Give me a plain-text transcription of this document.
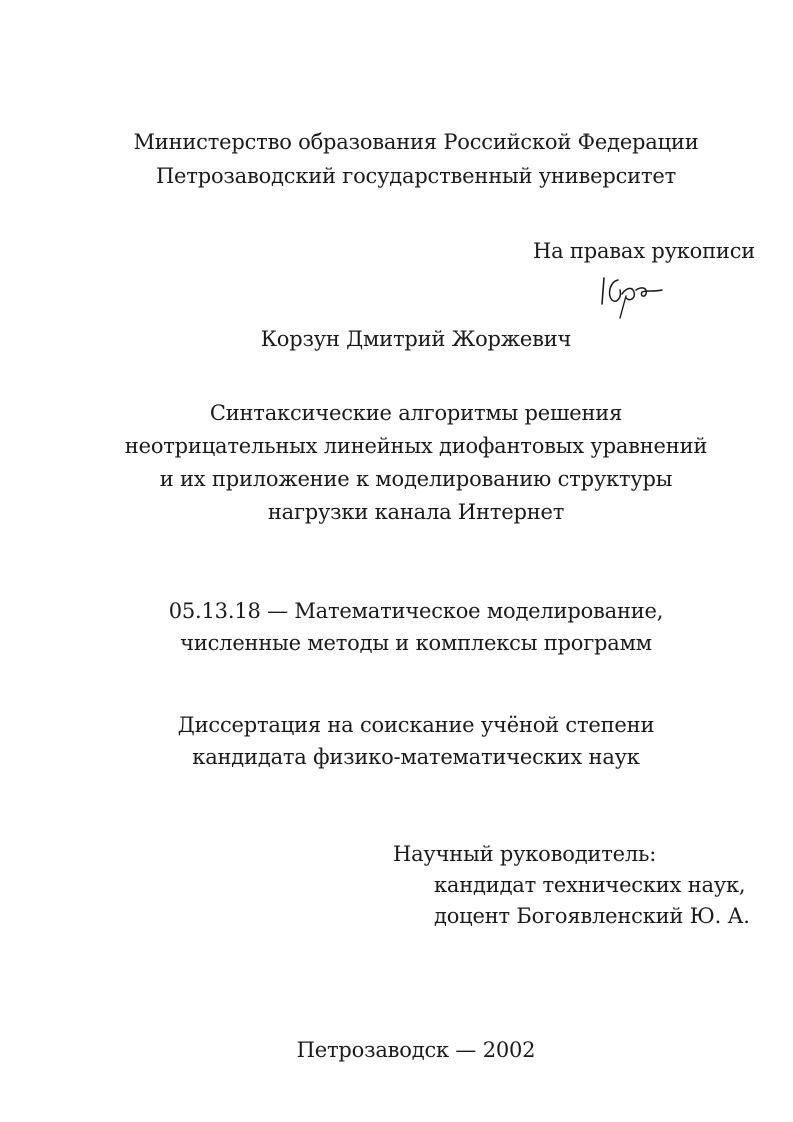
Министерство образования Российской Федерации
Петрозаводский государственный университет
На правах рукописи
Корзун Дмитрий Жоржевич
Синтаксические алгоритмы решения
неотрицательных линейных диофантовых уравнений
и их приложение к моделированию структуры
нагрузки канала Интернет
05.13.18 — Математическое моделирование,
численные методы и комплексы программ
Диссертация на соискание учёной степени
кандидата физико-математических наук
Научный руководитель:
кандидат технических наук,
доцент Богоявленский Ю. А.
Петрозаводск — 2002
